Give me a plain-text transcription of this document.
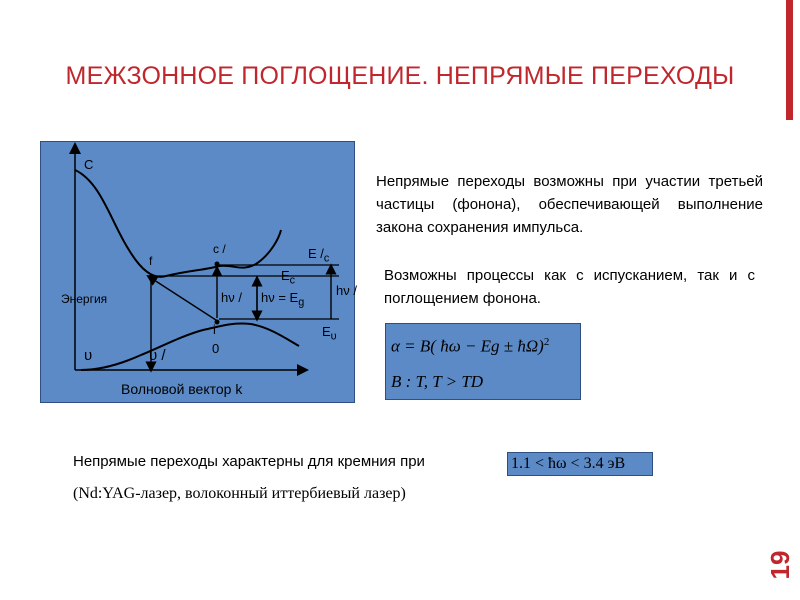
МЕЖЗОННОЕ ПОГЛОЩЕНИЕ. НЕПРЯМЫЕ ПЕРЕХОДЫ
19
C
Энергия
f
c /	Е $/_c$
$Е_c$
$h\nu / h\nu = E_g$
hν /
i
0
$Е_\upsilon$
υ	υ /
Волновой вектор k
Непрямые переходы возможны при участии третьей частицы (фонона), обеспечивающей выполнение закона сохранения импульса.
Возможны процессы как с испусканием, так и с поглощением фонона.
α = B( ħω − Eg ± ħΩ)$^2$
B : T, T > TD
Непрямые переходы характерны для кремния при	1.1 < ħω < 3.4 эВ
(Nd:YAG-лазер, волоконный иттербиевый лазер)
